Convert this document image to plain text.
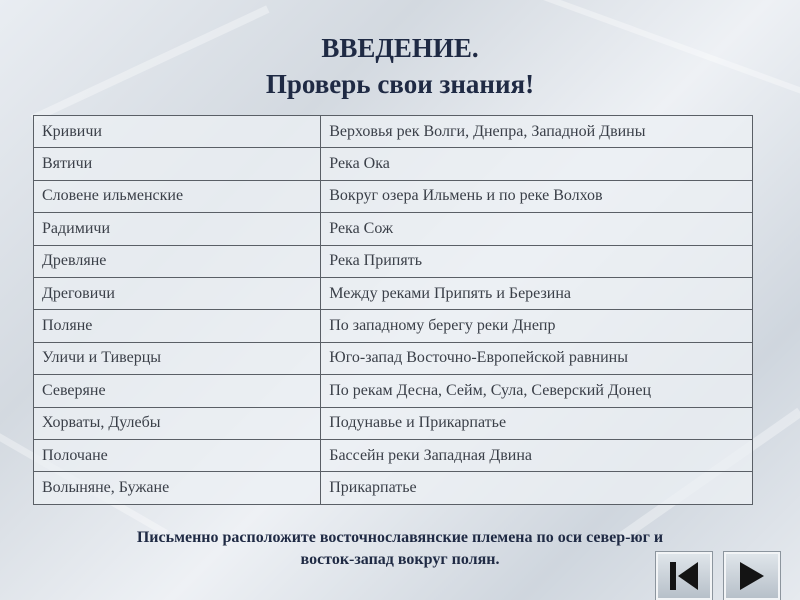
ВВЕДЕНИЕ.
Проверь свои знания!
Кривичи	Верховья рек Волги, Днепра, Западной Двины
Вятичи	Река Ока
Словене ильменские	Вокруг озера Ильмень и по реке Волхов
Радимичи	Река Сож
Древляне	Река Припять
Дреговичи	Между реками Припять и Березина
Поляне	По западному берегу реки Днепр
Уличи и Тиверцы	Юго-запад Восточно-Европейской равнины
Северяне	По рекам Десна, Сейм, Сула, Северский Донец
Хорваты, Дулебы	Подунавье и Прикарпатье
Полочане	Бассейн реки Западная Двина
Волыняне, Бужане	Прикарпатье
Письменно расположите восточнославянские племена по оси север-юг и
восток-запад вокруг полян.
